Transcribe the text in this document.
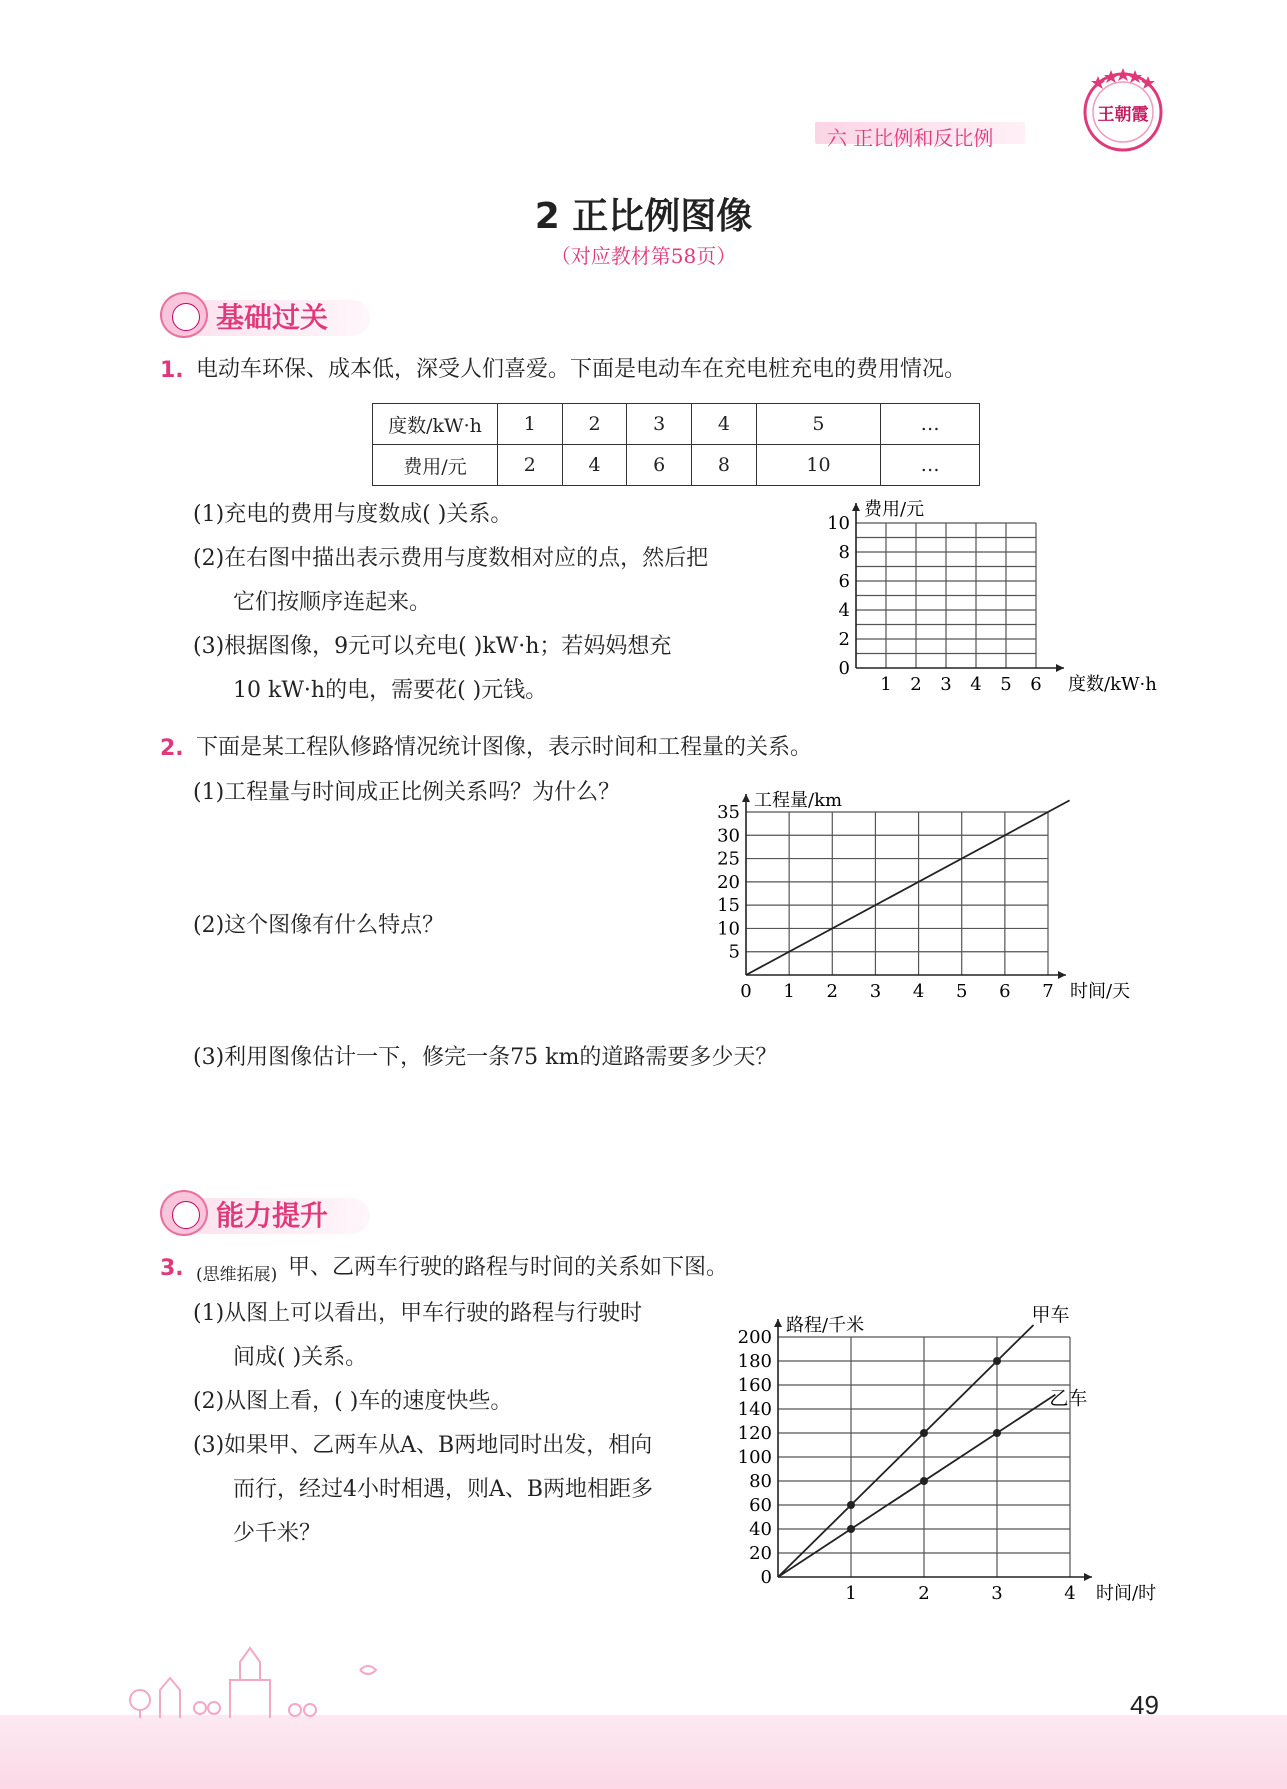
六 正比例和反比例
王朝霞
2 正比例图像
（对应教材第58页）
基础过关
1. 电动车环保、成本低，深受人们喜爱。下面是电动车在充电桩充电的费用情况。
度数/kW·h	1	2	3	4	5	…
费用/元	2	4	6	8	10	…
(1)充电的费用与度数成( )关系。
(2)在右图中描出表示费用与度数相对应的点，然后把
它们按顺序连起来。
(3)根据图像，9元可以充电( )kW·h；若妈妈想充
10 kW·h的电，需要花( )元钱。	1 2 3 4 5 6
0
2
4
6
8
10
费用/元
度数/kW·h
2. 下面是某工程队修路情况统计图像，表示时间和工程量的关系。
(1)工程量与时间成正比例关系吗？为什么？
(2)这个图像有什么特点？
(3)利用图像估计一下，修完一条75 km的道路需要多少天？
0 1 2 3 4 5 6 7
5
10
15
20
25
30
35
工程量/km
时间/天
能力提升
3. (思维拓展) 甲、乙两车行驶的路程与时间的关系如下图。
(1)从图上可以看出，甲车行驶的路程与行驶时
间成( )关系。
(2)从图上看，( )车的速度快些。
(3)如果甲、乙两车从A、B两地同时出发，相向
而行，经过4小时相遇，则A、B两地相距多
少千米？
1	2	3	4
0
20
40
60
80
100
120
140
160
180
200
路程/千米
时间/时
甲车
乙车
49
